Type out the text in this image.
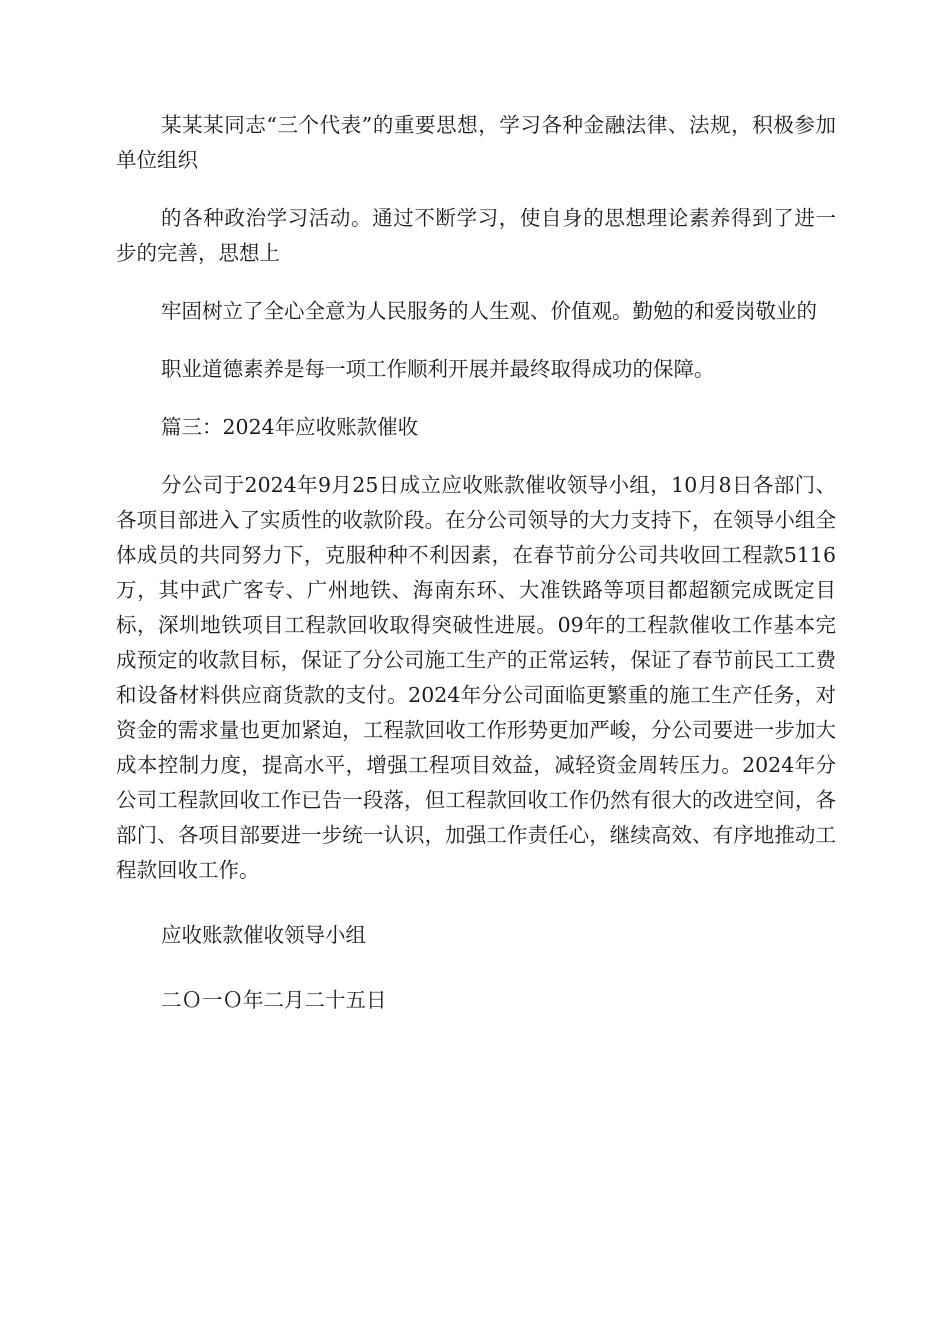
某某某同志“三个代表”的重要思想，学习各种金融法律、法规，积极参加单位组织

的各种政治学习活动。通过不断学习，使自身的思想理论素养得到了进一步的完善，思想上

牢固树立了全心全意为人民服务的人生观、价值观。勤勉的和爱岗敬业的

职业道德素养是每一项工作顺利开展并最终取得成功的保障。

篇三：2024年应收账款催收

分公司于2024年9月25日成立应收账款催收领导小组，10月8日各部门、各项目部进入了实质性的收款阶段。在分公司领导的大力支持下，在领导小组全体成员的共同努力下，克服种种不利因素，在春节前分公司共收回工程款5116万，其中武广客专、广州地铁、海南东环、大准铁路等项目都超额完成既定目标，深圳地铁项目工程款回收取得突破性进展。09年的工程款催收工作基本完成预定的收款目标，保证了分公司施工生产的正常运转，保证了春节前民工工费和设备材料供应商货款的支付。2024年分公司面临更繁重的施工生产任务，对资金的需求量也更加紧迫，工程款回收工作形势更加严峻，分公司要进一步加大成本控制力度，提高水平，增强工程项目效益，减轻资金周转压力。2024年分公司工程款回收工作已告一段落，但工程款回收工作仍然有很大的改进空间，各部门、各项目部要进一步统一认识，加强工作责任心，继续高效、有序地推动工程款回收工作。

应收账款催收领导小组

二Ｏ一Ｏ年二月二十五日
